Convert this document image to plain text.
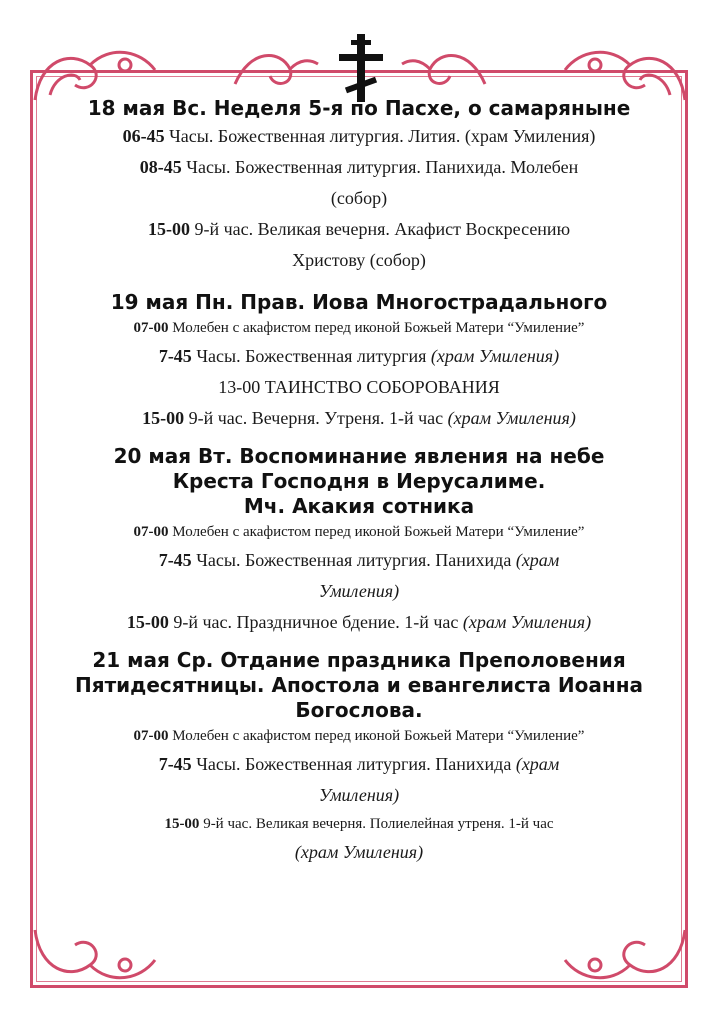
18 мая Вс. Неделя 5-я по Пасхе, о самаряныне

06-45 Часы. Божественная литургия. Лития. (храм Умиления)

08-45 Часы. Божественная литургия. Панихида. Молебен

(собор)

15-00 9-й час. Великая вечерня. Акафист Воскресению

Христову (собор)

19 мая Пн. Прав. Иова Многострадального

07-00 Молебен с акафистом перед иконой Божьей Матери “Умиление”

7-45 Часы. Божественная литургия (храм Умиления)

13-00 ТАИНСТВО СОБОРОВАНИЯ

15-00 9-й час. Вечерня. Утреня. 1-й час (храм Умиления)

20 мая Вт. Воспоминание явления на небе

Креста Господня в Иерусалиме.

Мч. Акакия сотника

07-00 Молебен с акафистом перед иконой Божьей Матери “Умиление”

7-45 Часы. Божественная литургия. Панихида (храм

Умиления)

15-00 9-й час. Праздничное бдение. 1-й час (храм Умиления)

21 мая Ср. Отдание праздника Преполовения

Пятидесятницы. Апостола и евангелиста Иоанна

Богослова.

07-00 Молебен с акафистом перед иконой Божьей Матери “Умиление”

7-45 Часы. Божественная литургия. Панихида (храм

Умиления)

15-00 9-й час. Великая вечерня. Полиелейная утреня. 1-й час

(храм Умиления)
